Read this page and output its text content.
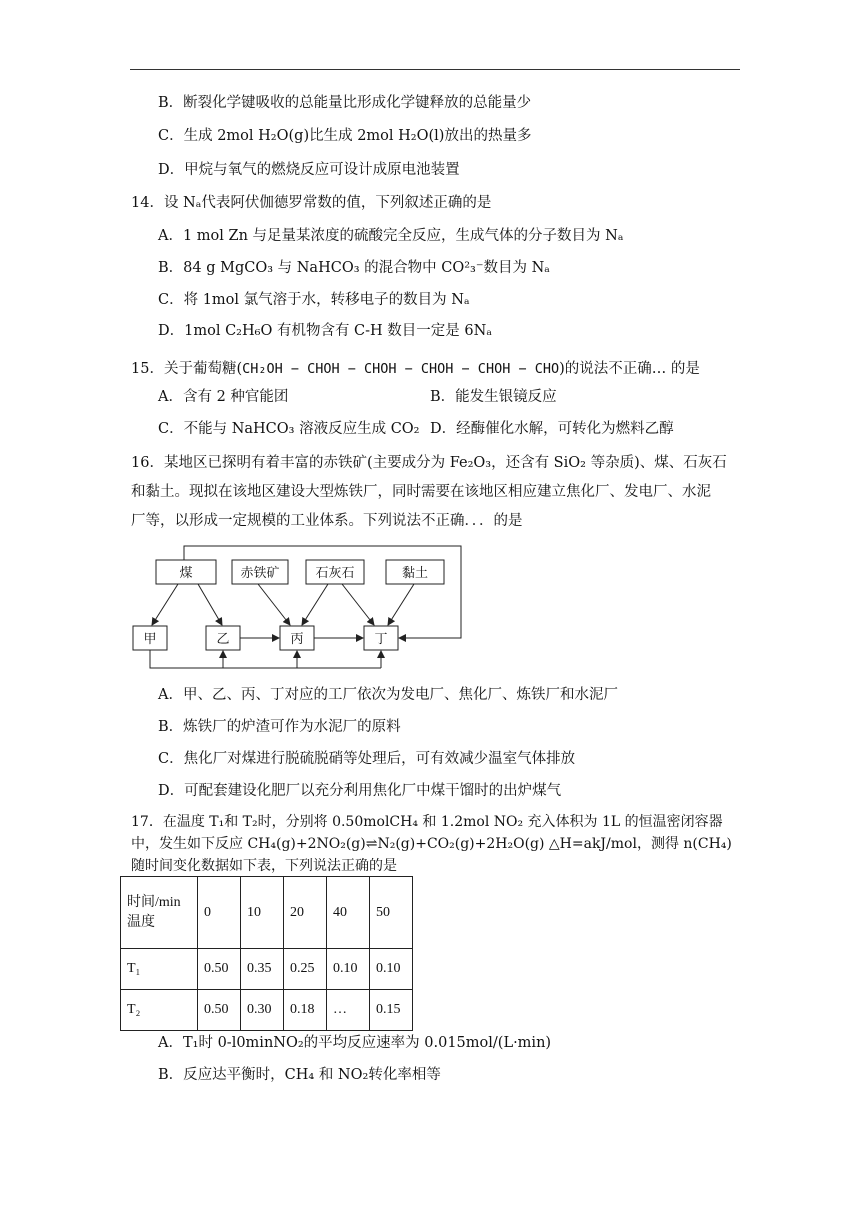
B．断裂化学键吸收的总能量比形成化学键释放的总能量少
C．生成 2mol H₂O(g)比生成 2mol H₂O(l)放出的热量多
D．甲烷与氧气的燃烧反应可设计成原电池装置
14．设 Nₐ代表阿伏伽德罗常数的值，下列叙述正确的是
A．1 mol Zn 与足量某浓度的硫酸完全反应，生成气体的分子数目为 Nₐ
B．84 g MgCO₃ 与 NaHCO₃ 的混合物中 CO²₃⁻数目为 Nₐ
C．将 1mol 氯气溶于水，转移电子的数目为 Nₐ
D．1mol C₂H₆O 有机物含有 C-H 数目一定是 6Nₐ
15．关于葡萄糖(CH₂OH − CHOH − CHOH − CHOH − CHOH − CHO)的说法不正确… 的是
A．含有 2 种官能团	B．能发生银镜反应
C．不能与 NaHCO₃ 溶液反应生成 CO₂ D．经酶催化水解，可转化为燃料乙醇
16．某地区已探明有着丰富的赤铁矿(主要成分为 Fe₂O₃，还含有 SiO₂ 等杂质)、煤、石灰石
和黏土。现拟在该地区建设大型炼铁厂，同时需要在该地区相应建立焦化厂、发电厂、水泥
厂等，以形成一定规模的工业体系。下列说法不正确．．．的是
煤	赤铁矿	石灰石	黏土
甲	乙	丙	丁
A．甲、乙、丙、丁对应的工厂依次为发电厂、焦化厂、炼铁厂和水泥厂
B．炼铁厂的炉渣可作为水泥厂的原料
C．焦化厂对煤进行脱硫脱硝等处理后，可有效减少温室气体排放
D．可配套建设化肥厂以充分利用焦化厂中煤干馏时的出炉煤气
17．在温度 T₁和 T₂时，分别将 0.50molCH₄ 和 1.2mol NO₂ 充入体积为 1L 的恒温密闭容器
中，发生如下反应 CH₄(g)+2NO₂(g)⇌N₂(g)+CO₂(g)+2H₂O(g) △H=akJ/mol，测得 n(CH₄)
随时间变化数据如下表，下列说法正确的是
时间/min
温度	0	10	20	40	50
T₁	0.50	0.35	0.25	0.10	0.10
T₂	0.50	0.30	0.18	…	0.15
A．T₁时 0-l0minNO₂的平均反应速率为 0.015mol/(L·min)
B．反应达平衡时，CH₄ 和 NO₂转化率相等
